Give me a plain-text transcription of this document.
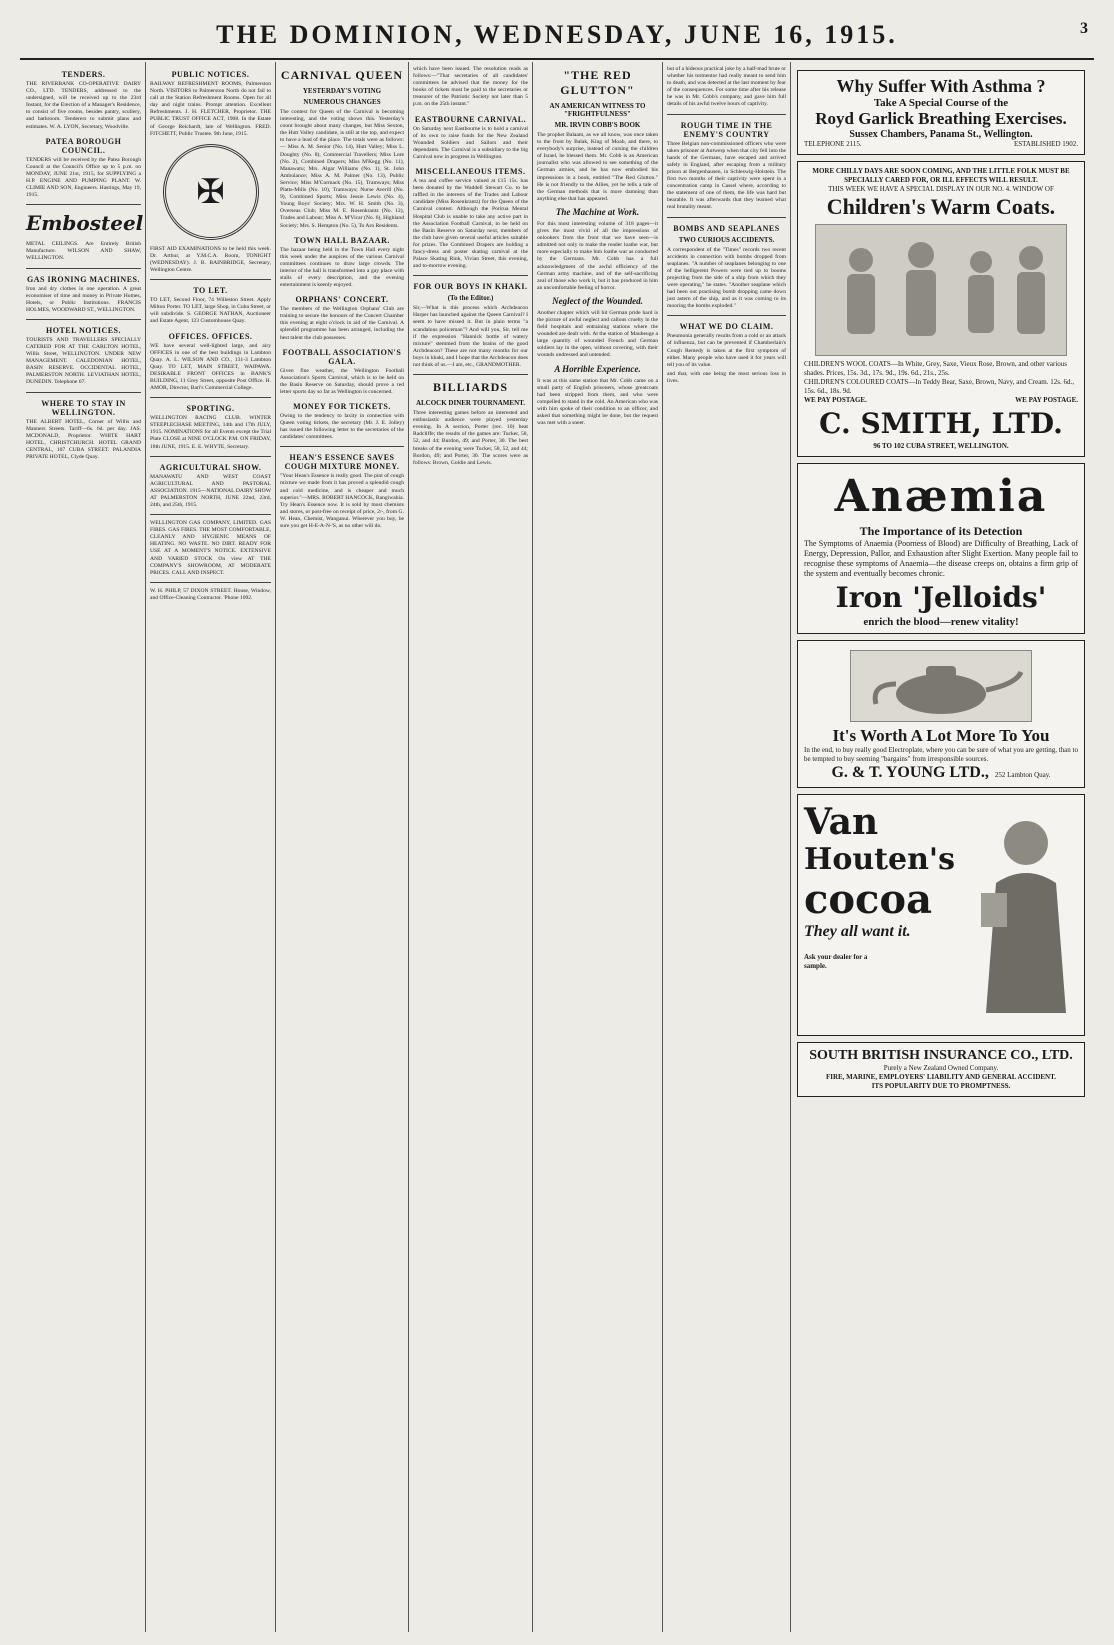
THE DOMINION, WEDNESDAY, JUNE 16, 1915.	3
TENDERS.
THE RIVERBANK CO-OPERATIVE DAIRY CO., LTD. TENDERS, addressed to the undersigned, will be received up to the 23rd Instant, for the Erection of a Manager's Residence, to consist of five rooms, besides pantry, scullery, and bathroom. Tenderers to submit plans and estimates. W. A. LYON, Secretary, Woodville.
PATEA BOROUGH COUNCIL.
TENDERS will be received by the Patea Borough Council at the Council's Office up to 5 p.m. on MONDAY, JUNE 21st, 1915, for SUPPLYING a H.P. ENGINE AND PUMPING PLANT. W. CLIMIE AND SON, Engineers. Hastings, May 19, 1915.
Embosteel
METAL CEILINGS. Are Entirely British Manufacture. WILSON AND SHAW, WELLINGTON.
GAS IRONING MACHINES.
Iron and dry clothes in one operation. A great economiser of time and money in Private Homes, Hotels, or Public Institutions. FRANCIS HOLMES, WOODWARD ST., WELLINGTON.
HOTEL NOTICES.
TOURISTS AND TRAVELLERS SPECIALLY CATERED FOR AT THE CARLTON HOTEL, Willis Street, WELLINGTON. UNDER NEW MANAGEMENT. CALEDONIAN HOTEL, BASIN RESERVE. OCCIDENTAL HOTEL, PALMERSTON NORTH. LEVIATHAN HOTEL, DUNEDIN. Telephone 67.
WHERE TO STAY IN WELLINGTON.
THE ALBERT HOTEL, Corner of Willis and Manners Streets. Tariff—6s. 6d. per day. JAS. MCDONALD, Proprietor. WHITE HART HOTEL, CHRISTCHURCH. HOTEL GRAND CENTRAL, 107 CUBA STREET. PALANDIA PRIVATE HOTEL, Clyde Quay.
PUBLIC NOTICES.
RAILWAY REFRESHMENT ROOMS, Palmerston North. VISITORS to Palmerston North do not fail to call at the Station Refreshment Rooms. Open for all day and night trains. Prompt attention. Excellent Refreshments. J. H. FLETCHER, Proprietor. THE PUBLIC TRUST OFFICE ACT, 1908. In the Estate of George Reichardt, late of Wellington. FRED. FITCHETT, Public Trustee. 9th June, 1915.
✠
FIRST AID EXAMINATIONS to be held this week. Dr. Arthur, at Y.M.C.A. Room, TONIGHT (WEDNESDAY). J. B. BAINBRIDGE, Secretary, Wellington Centre.
TO LET.
TO LET, Second Floor, 74 Willeston Street. Apply Milton Porter. TO LET, large Shop, in Cuba Street, or will subdivide. S. GEORGE NATHAN, Auctioneer and Estate Agent, 123 Customhouse Quay.
OFFICES. OFFICES.
WE have several well-lighted large, and airy OFFICES in one of the best buildings in Lambton Quay. A. L. WILSON AND CO., 131-3 Lambton Quay. TO LET, MAIN STREET, WAIPAWA. DESIRABLE FRONT OFFICES in BANK'S BUILDING, 11 Grey Street, opposite Post Office. H. AMOR, Director, Bari's Commercial College.
SPORTING.
WELLINGTON RACING CLUB. WINTER STEEPLECHASE MEETING, 14th and 17th JULY, 1915. NOMINATIONS for all Events except the Trial Plate CLOSE at NINE O'CLOCK P.M. ON FRIDAY, 18th JUNE, 1915. E. E. WHYTE, Secretary.
AGRICULTURAL SHOW.
MANAWATU AND WEST COAST AGRICULTURAL AND PASTORAL ASSOCIATION. 1915—NATIONAL DAIRY SHOW AT PALMERSTON NORTH, JUNE 22nd, 23rd, 24th, and 25th, 1915.
WELLINGTON GAS COMPANY, LIMITED. GAS FIRES. GAS FIRES. THE MOST COMFORTABLE, CLEANLY AND HYGIENIC MEANS OF HEATING. NO WASTE. NO DIRT. READY FOR USE AT A MOMENT'S NOTICE. EXTENSIVE AND VARIED STOCK On view AT THE COMPANY'S SHOWROOM, AT MODERATE PRICES. CALL AND INSPECT.
W. H. PHILP, 57 DIXON STREET. House, Window, and Office-Cleaning Contractor. 'Phone 1092.
CARNIVAL QUEEN
YESTERDAY'S VOTING
NUMEROUS CHANGES
The contest for Queen of the Carnival is becoming interesting, and the voting shows this. Yesterday's count brought about many changes, but Miss Sexton, the Hutt Valley candidate, is still at the top, and expect to have a lead of the place. The totals were as follows:— Miss A. M. Senior (No. 14), Hutt Valley; Miss L. Doughty (No. 8), Commercial Travellers; Miss Lore (No. 2), Combined Drapers; Miss M'Kegg (No. 11), Manawatu; Mrs. Algar Williams (No. 1), St. John Ambulance; Miss A. M. Palmer (No. 13), Public Service; Miss M'Cormack (No. 15), Tramways; Miss Platts-Mills (No. 10), Tramways; Nurse Averill (No. 9), Combined Sports; Miss Jessie Lewis (No. 4), Young Boys' Society; Mrs. W. H. Smith (No. 3), Overseas Club; Miss M. E. Rosenkrantz (No. 12), Trades and Labour; Miss A. M'Vicar (No. 6), Highland Society; Mrs. S. Hempton (No. 5), To Aro Residents.
TOWN HALL BAZAAR.
The bazaar being held in the Town Hall every night this week under the auspices of the various Carnival committees continues to draw large crowds. The interior of the hall is transformed into a gay place with stalls of every description, and the evening entertainment is keenly enjoyed.
ORPHANS' CONCERT.
The members of the Wellington Orphans' Club are training to secure the honours of the Concert Chamber this evening at eight o'clock in aid of the Carnival. A splendid programme has been arranged, including the best talent the club possesses.
FOOTBALL ASSOCIATION'S GALA.
Given fine weather, the Wellington Football Association's Sports Carnival, which is to be held on the Basin Reserve on Saturday, should prove a red letter sports day so far as Wellington is concerned.
MONEY FOR TICKETS.
Owing to the tendency to laxity in connection with Queen voting tickets, the secretary (Mr. J. E. Jolley) has issued the following letter to the secretaries of the candidates' committees.
HEAN'S ESSENCE SAVES COUGH MIXTURE MONEY.
"Your Hean's Essence is really good. The pint of cough mixture we made from it has proved a splendid cough and cold medicine, and is cheaper and much superior."—MRS. ROBERT HANCOCK, Rangiwahia. Try Hean's Essence now. It is sold by most chemists and stores, or post-free on receipt of price, 2/-, from G. W. Hean, Chemist, Wanganui. Wherever you buy, be sure you get H-E-A-N-'S, as no other will do.
which have been issued. The resolution reads as follows:—"That secretaries of all candidates' committees be advised that the money for the books of tickets must be paid to the secretaries or treasurer of the Patriotic Society not later than 5 p.m. on the 25th instant."
EASTBOURNE CARNIVAL.
On Saturday next Eastbourne is to hold a carnival of its own to raise funds for the New Zealand Wounded Soldiers and Sailors and their dependants. The Carnival is a subsidiary to the big Carnival now in progress in Wellington.
MISCELLANEOUS ITEMS.
A tea and coffee service valued at £15 15s. has been donated by the Waddell Stewart Co. to be raffled in the interests of the Trades and Labour candidate (Miss Rosenkrantz) for the Queen of the Carnival contest. Although the Porirua Mental Hospital Club is unable to take any active part in the Association Football Carnival, to be held on the Basin Reserve on Saturday next, members of the club have given several useful articles suitable for prizes. The Combined Drapers are holding a fancy-dress and poster skating carnival at the Palace Skating Rink, Vivian Street, this evening, and to-morrow evening.
FOR OUR BOYS IN KHAKI.
(To the Editor.)
Sir,—What is this process which Archdeacon Harper has launched against the Queen Carnival? I seem to have missed it. But in plain terms "a scandalous policeman"? And will you, Sir, tell me if the expression "Hannick bottle of watery mixture" stemmed from the brains of the good Archdeacon? These are not many months for our boys in khaki, and I hope that the Archdeacon does not think of us.—I am, etc., GRANDMOTHER.
BILLIARDS
ALCOCK DINER TOURNAMENT.
Three interesting games before an interested and enthusiastic audience were played yesterday evening. In A section, Porter (rec. 10) beat Radcliffe; the results of the games are: Tucker, 58, 52, and 44; Burdon, 49; and Porter, 30. The best breaks of the evening were Tucker, 58, 52, and 44; Burdon, 49; and Porter, 30. The scores were as follows: Brown, Goldie and Lewis.
"THE RED GLUTTON"
AN AMERICAN WITNESS TO "FRIGHTFULNESS"
MR. IRVIN COBB'S BOOK
The prophet Balaam, as we all know, was once taken to the front by Balak, King of Moab, and there, to everybody's surprise, instead of cursing the children of Israel, he blessed them. Mr. Cobb is an American journalist who was allowed to see something of the German armies, and he has now embodied his impressions in a book, entitled "The Red Glutton." He is not friendly to the Allies, yet he tells a tale of the German methods that is more damning than anything else that has appeared.
The Machine at Work.
For this most interesting volume of 318 pages—it gives the most vivid of all the impressions of onlookers from the front that we have seen—is admitted not only to make the reader loathe war, but more especially to make him loathe war as conducted by the Germans. Mr. Cobb has a full acknowledgment of the awful efficiency of the German army machine, and of the self-sacrificing zeal of those who work it, but it has produced in him an uncomfortable feeling of horror.
Neglect of the Wounded.
Another chapter which will hit German pride hard is the picture of awful neglect and callous cruelty in the field hospitals and entraining stations where the wounded are dealt with. At the station of Maubeuge a large quantity of wounded French and German soldiers lay in the open, without covering, with their wounds undressed and untended.
A Horrible Experience.
It was at this same station that Mr. Cobb came on a small party of English prisoners, whose greatcoats had been stripped from them, and who were compelled to stand in the cold. An American who was with him spoke of their condition to an officer, and asked that something might be done, but the request was met with a sneer.
but of a hideous practical joke by a half-mad brute or whether his tormentor had really meant to send him to death, and was detected at the last moment by fear of the consequences. For some time after his release he was in Mr. Cobb's company, and gave him full details of his awful twelve hours of captivity.
ROUGH TIME IN THE ENEMY'S COUNTRY
Three Belgian non-commissioned officers who were taken prisoner at Antwerp when that city fell into the hands of the Germans, have escaped and arrived safely in England, after escaping from a military prison at Bergenhausen, in Schleswig-Holstein. The first two months of their captivity were spent in a concentration camp in Cassel where, according to the statement of one of them, the life was hard but bearable. It was afterwards that they learned what real brutality meant.
BOMBS AND SEAPLANES
TWO CURIOUS ACCIDENTS.
A correspondent of the "Times" records two recent accidents in connection with bombs dropped from seaplanes. "A number of seaplanes belonging to one of the belligerent Powers were tied up to booms projecting from the side of a ship from which they were operating," he states. "Another seaplane which had been out practising bomb dropping came down just astern of the ship, and as it was coming to its mooring the bombs exploded."
WHAT WE DO CLAIM.
Pneumonia generally results from a cold or an attack of influenza, but can be prevented if Chamberlain's Cough Remedy is taken at the first symptom of either. Many people who have used it for years will tell you of its value.
and that, with one being the most serious loss in lives.
Why Suffer With Asthma ?
Take A Special Course of the
Royd Garlick Breathing Exercises.
Sussex Chambers, Panama St., Wellington.
TELEPHONE 2115.	ESTABLISHED 1902.
MORE CHILLY DAYS ARE SOON COMING, AND THE LITTLE FOLK MUST BE SPECIALLY CARED FOR, OR ILL EFFECTS WILL RESULT.
THIS WEEK WE HAVE A SPECIAL DISPLAY IN OUR NO. 4. WINDOW OF
Children's Warm Coats.
CHILDREN'S WOOL COATS—In White, Grey, Saxe, Vieux Rose, Brown, and other various shades. Prices, 15s. 3d., 17s. 9d., 19s. 6d., 21s., 25s.
CHILDREN'S COLOURED COATS—In Teddy Bear, Saxe, Brown, Navy, and Cream. 12s. 6d., 15s. 6d., 18s. 9d.
WE PAY POSTAGE.	WE PAY POSTAGE.
C. SMITH, LTD.
96 TO 102 CUBA STREET, WELLINGTON.
Anæmia
The Importance of its Detection
The Symptoms of Anaemia (Poorness of Blood) are Difficulty of Breathing, Lack of Energy, Depression, Pallor, and Exhaustion after Slight Exertion. Many people fail to recognise these symptoms of Anaemia—the disease creeps on, obtains a firm grip of the system and eventually becomes chronic.
Iron 'Jelloids'
enrich the blood—renew vitality!
It's Worth A Lot More To You
In the end, to buy really good Electroplate, where you can be sure of what you are getting, than to be tempted to buy seeming "bargains" from irresponsible sources.
G. & T. YOUNG LTD., 252 Lambton Quay.
Van
Houten's
cocoa
They all want it.
Ask your dealer for a sample.
SOUTH BRITISH INSURANCE CO., LTD.
Purely a New Zealand Owned Company.
FIRE, MARINE, EMPLOYERS' LIABILITY AND GENERAL ACCIDENT.
ITS POPULARITY DUE TO PROMPTNESS.
